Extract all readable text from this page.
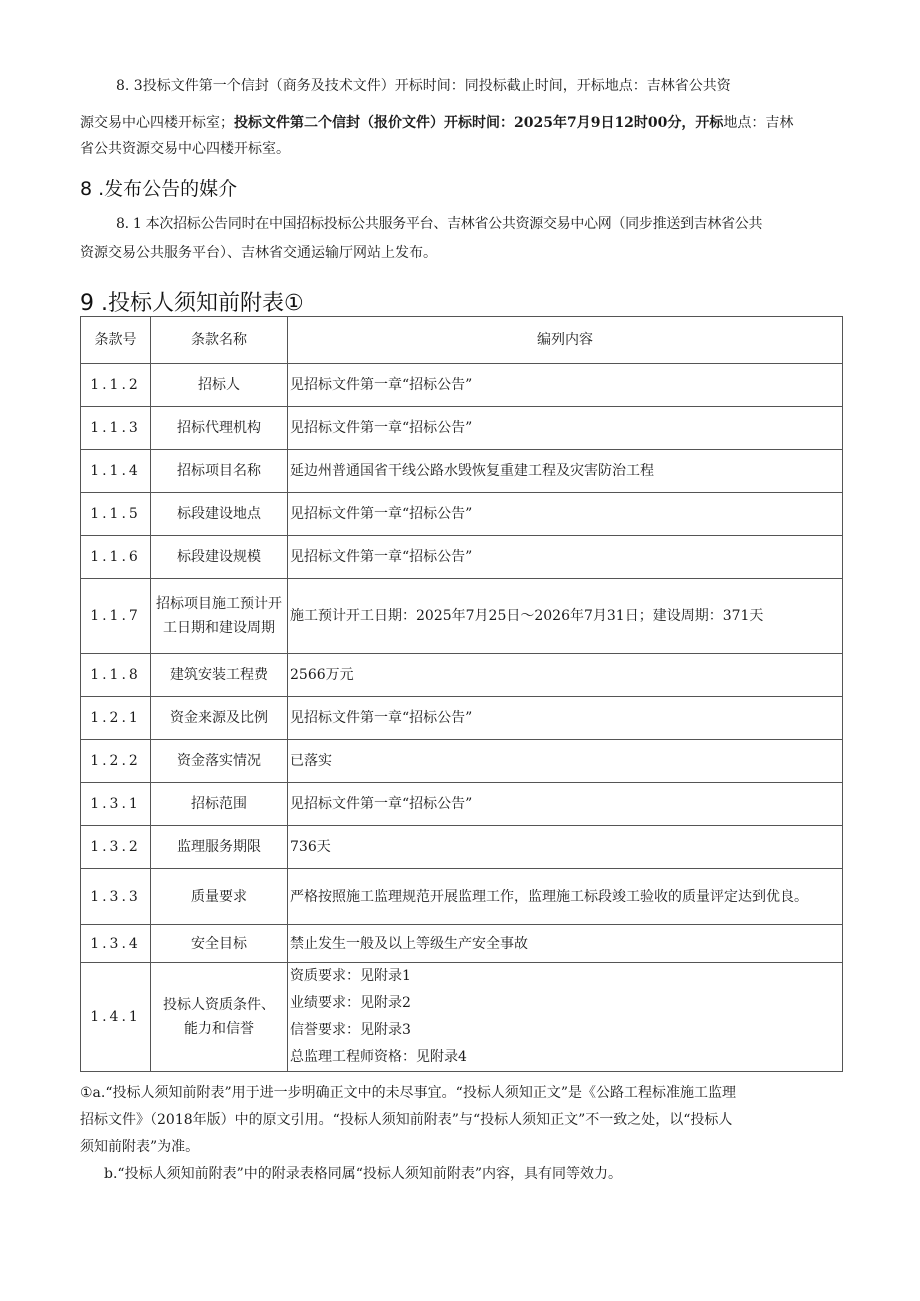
8. 3投标文件第一个信封（商务及技术文件）开标时间：同投标截止时间，开标地点：吉林省公共资
源交易中心四楼开标室；投标文件第二个信封（报价文件）开标时间：2025年7月9日12时00分，开标地点：吉林
省公共资源交易中心四楼开标室。
8 .发布公告的媒介
8. 1 本次招标公告同时在中国招标投标公共服务平台、吉林省公共资源交易中心网（同步推送到吉林省公共
资源交易公共服务平台）、吉林省交通运输厅网站上发布。
9 .投标人须知前附表①
条款号	条款名称	编列内容
1.1.2	招标人	见招标文件第一章“招标公告”
1.1.3	招标代理机构	见招标文件第一章“招标公告”
1.1.4	招标项目名称	延边州普通国省干线公路水毁恢复重建工程及灾害防治工程
1.1.5	标段建设地点	见招标文件第一章“招标公告”
1.1.6	标段建设规模	见招标文件第一章“招标公告”
1.1.7	招标项目施工预计开工日期和建设周期	施工预计开工日期：2025年7月25日～2026年7月31日；建设周期：371天
1.1.8	建筑安装工程费	2566万元
1.2.1	资金来源及比例	见招标文件第一章“招标公告”
1.2.2	资金落实情况	已落实
1.3.1	招标范围	见招标文件第一章“招标公告”
1.3.2	监理服务期限	736天
1.3.3	质量要求	严格按照施工监理规范开展监理工作，监理施工标段竣工验收的质量评定达到优良。
1.3.4	安全目标	禁止发生一般及以上等级生产安全事故
1.4.1	投标人资质条件、能力和信誉	资质要求：见附录1
业绩要求：见附录2
信誉要求：见附录3
总监理工程师资格：见附录4
①a.“投标人须知前附表”用于进一步明确正文中的未尽事宜。“投标人须知正文”是《公路工程标准施工监理
招标文件》（2018年版）中的原文引用。“投标人须知前附表”与“投标人须知正文”不一致之处，以“投标人
须知前附表”为准。
b.“投标人须知前附表”中的附录表格同属“投标人须知前附表”内容，具有同等效力。
